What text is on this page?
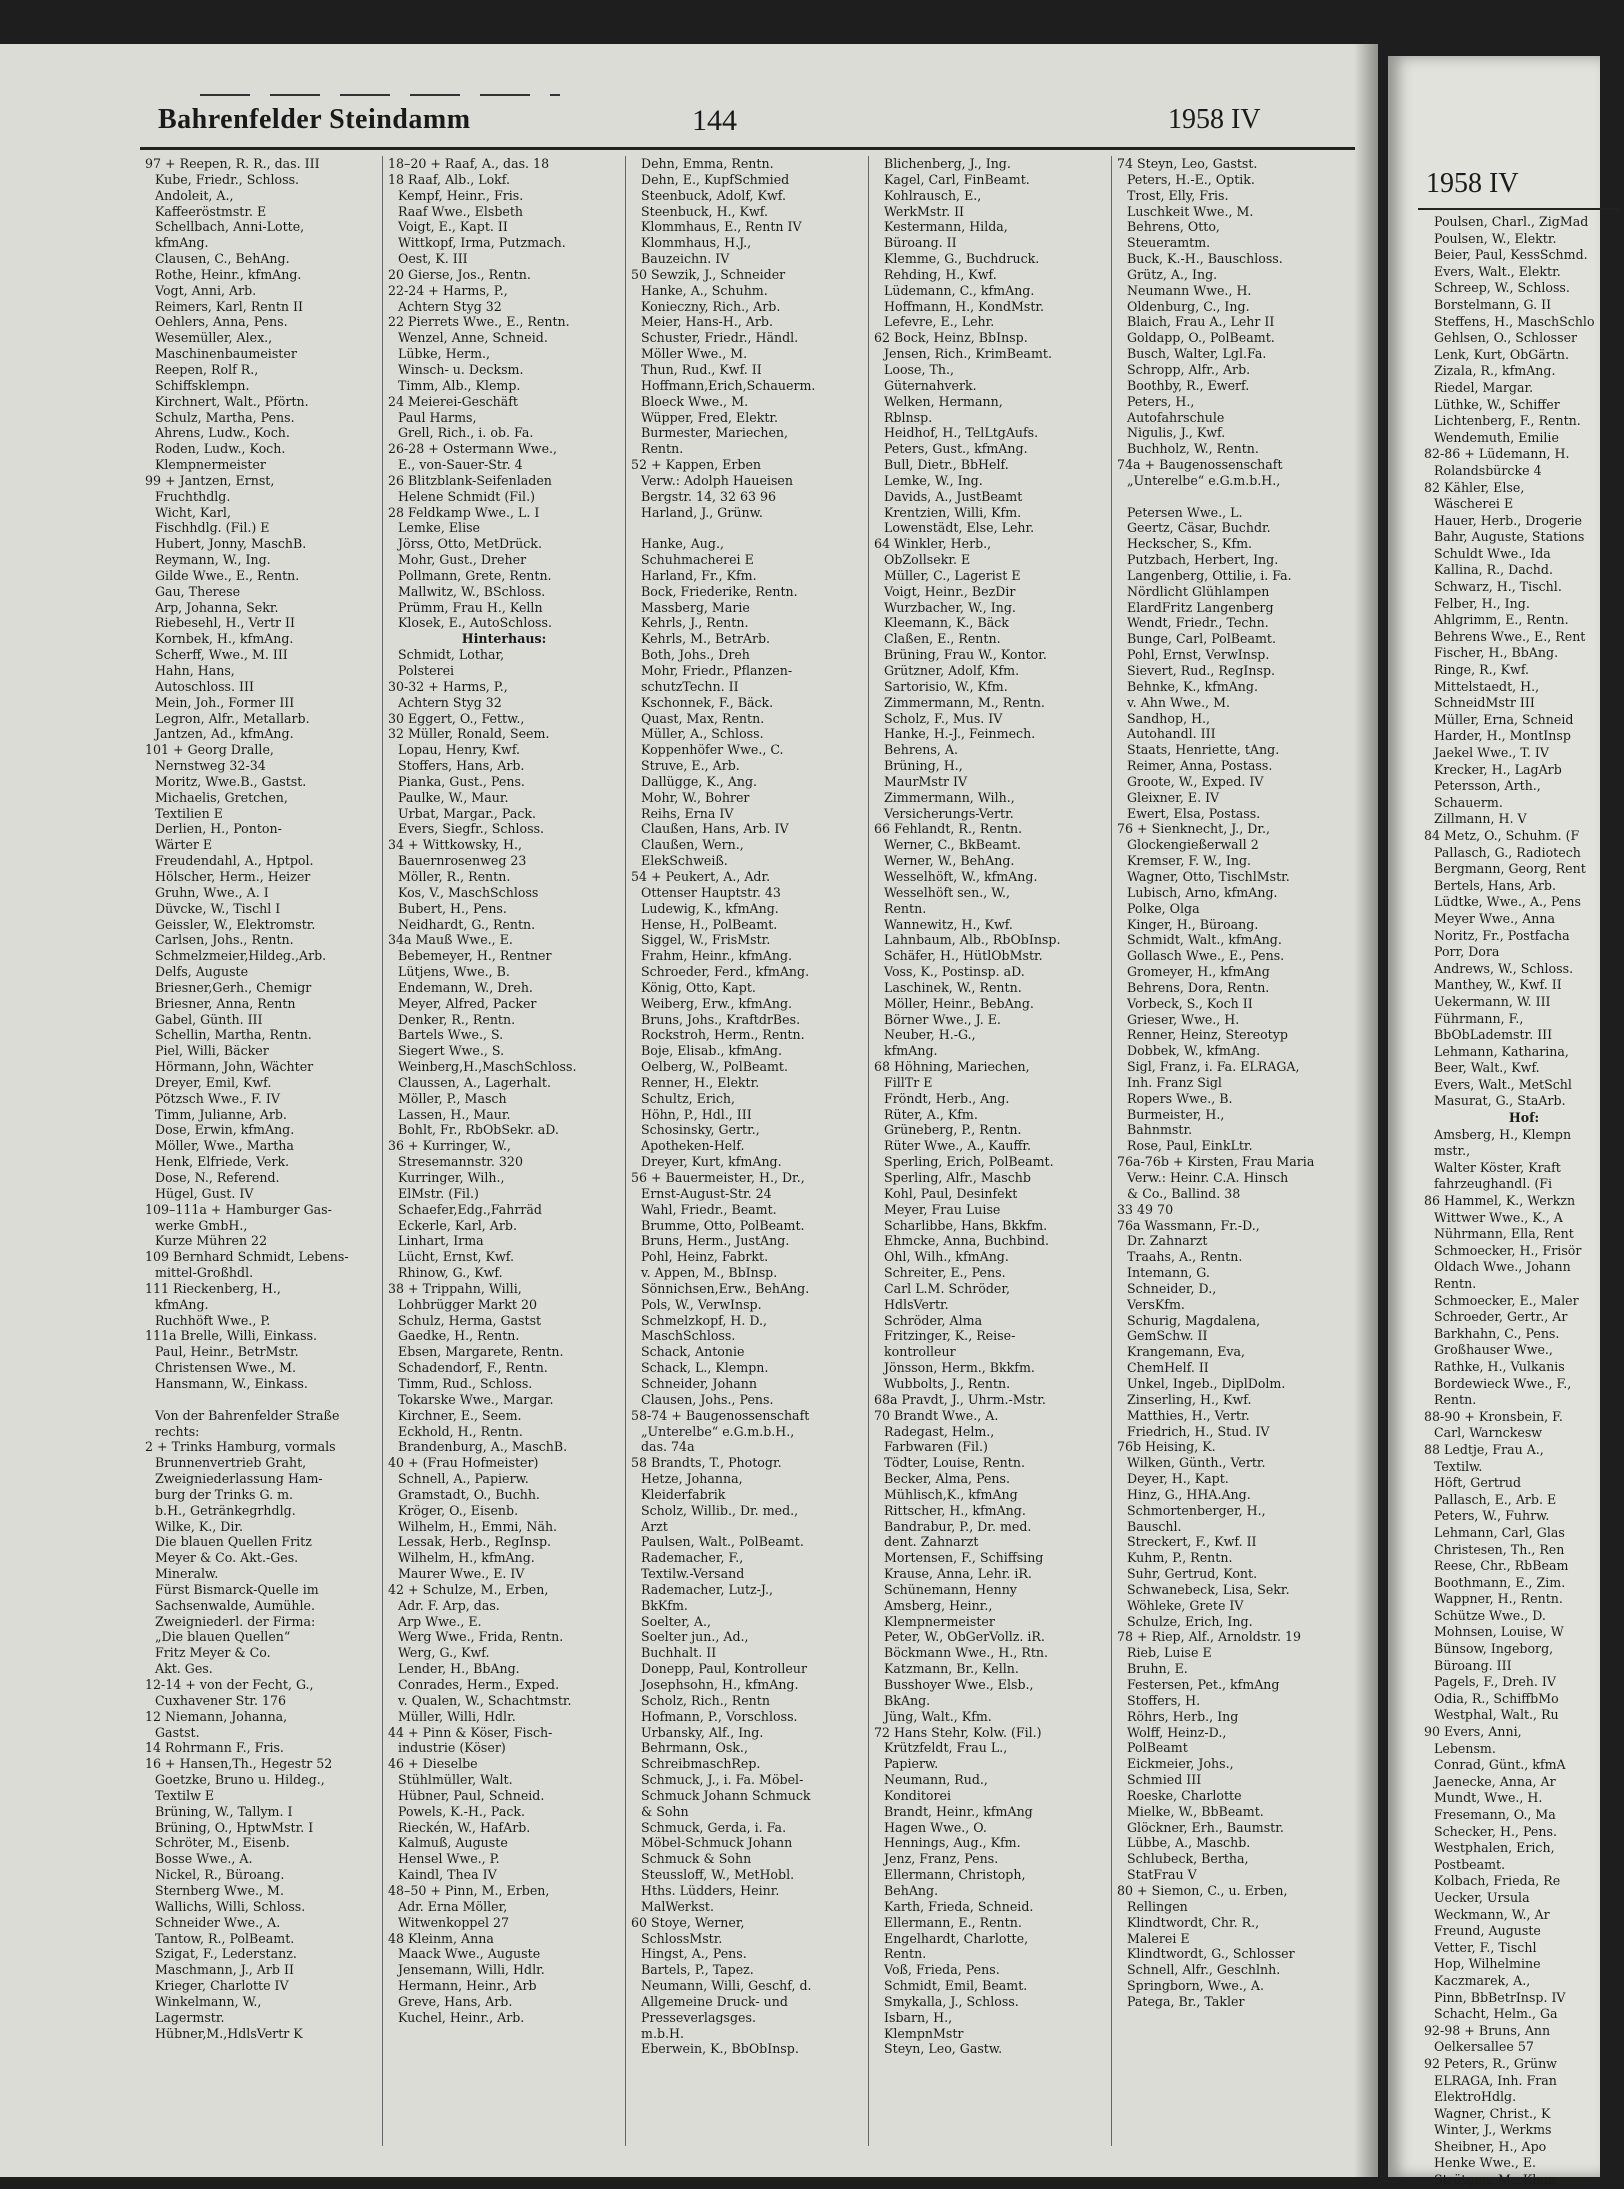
Bahrenfelder Steindamm	144	1958 IV
97 + Reepen, R. R., das. III
Kube, Friedr., Schloss.
Andoleit, A.,
Kaffeeröstmstr. E
Schellbach, Anni-Lotte,
kfmAng.
Clausen, C., BehAng.
Rothe, Heinr., kfmAng.
Vogt, Anni, Arb.
Reimers, Karl, Rentn II
Oehlers, Anna, Pens.
Wesemüller, Alex.,
Maschinenbaumeister
Reepen, Rolf R.,
Schiffsklempn.
Kirchnert, Walt., Pförtn.
Schulz, Martha, Pens.
Ahrens, Ludw., Koch.
Roden, Ludw., Koch.
Klempnermeister
99 + Jantzen, Ernst,
Fruchthdlg.
Wicht, Karl,
Fischhdlg. (Fil.) E
Hubert, Jonny, MaschB.
Reymann, W., Ing.
Gilde Wwe., E., Rentn.
Gau, Therese
Arp, Johanna, Sekr.
Riebesehl, H., Vertr II
Kornbek, H., kfmAng.
Scherff, Wwe., M. III
Hahn, Hans,
Autoschloss. III
Mein, Joh., Former III
Legron, Alfr., Metallarb.
Jantzen, Ad., kfmAng.
101 + Georg Dralle,
Nernstweg 32-34
Moritz, Wwe.B., Gastst.
Michaelis, Gretchen,
Textilien E
Derlien, H., Ponton-
Wärter E
Freudendahl, A., Hptpol.
Hölscher, Herm., Heizer
Gruhn, Wwe., A. I
Düvcke, W., Tischl I
Geissler, W., Elektromstr.
Carlsen, Johs., Rentn.
Schmelzmeier,Hildeg.,Arb.
Delfs, Auguste
Briesner,Gerh., Chemigr
Briesner, Anna, Rentn
Gabel, Günth. III
Schellin, Martha, Rentn.
Piel, Willi, Bäcker
Hörmann, John, Wächter
Dreyer, Emil, Kwf.
Pötzsch Wwe., F. IV
Timm, Julianne, Arb.
Dose, Erwin, kfmAng.
Möller, Wwe., Martha
Henk, Elfriede, Verk.
Dose, N., Referend.
Hügel, Gust. IV
109–111a + Hamburger Gas-
werke GmbH.,
Kurze Mühren 22
109 Bernhard Schmidt, Lebens-
mittel-Großhdl.
111 Rieckenberg, H.,
kfmAng.
Ruchhöft Wwe., P.
111a Brelle, Willi, Einkass.
Paul, Heinr., BetrMstr.
Christensen Wwe., M.
Hansmann, W., Einkass.
Von der Bahrenfelder Straße
rechts:
2 + Trinks Hamburg, vormals
Brunnenvertrieb Graht,
Zweigniederlassung Ham-
burg der Trinks G. m.
b.H., Getränkegrhdlg.
Wilke, K., Dir.
Die blauen Quellen Fritz
Meyer & Co. Akt.-Ges.
Mineralw.
Fürst Bismarck-Quelle im
Sachsenwalde, Aumühle.
Zweigniederl. der Firma:
„Die blauen Quellen“
Fritz Meyer & Co.
Akt. Ges.
12-14 + von der Fecht, G.,
Cuxhavener Str. 176
12 Niemann, Johanna,
Gastst.
14 Rohrmann F., Fris.
16 + Hansen,Th., Hegestr 52
Goetzke, Bruno u. Hildeg.,
Textilw E
Brüning, W., Tallym. I
Brüning, O., HptwMstr. I
Schröter, M., Eisenb.
Bosse Wwe., A.
Nickel, R., Büroang.
Sternberg Wwe., M.
Wallichs, Willi, Schloss.
Schneider Wwe., A.
Tantow, R., PolBeamt.
Szigat, F., Lederstanz.
Maschmann, J., Arb II
Krieger, Charlotte IV
Winkelmann, W.,
Lagermstr.
Hübner,M.,HdlsVertr K
18–20 + Raaf, A., das. 18
18 Raaf, Alb., Lokf.
Kempf, Heinr., Fris.
Raaf Wwe., Elsbeth
Voigt, E., Kapt. II
Wittkopf, Irma, Putzmach.
Oest, K. III
20 Gierse, Jos., Rentn.
22-24 + Harms, P.,
Achtern Styg 32
22 Pierrets Wwe., E., Rentn.
Wenzel, Anne, Schneid.
Lübke, Herm.,
Winsch- u. Decksm.
Timm, Alb., Klemp.
24 Meierei-Geschäft
Paul Harms,
Grell, Rich., i. ob. Fa.
26-28 + Ostermann Wwe.,
E., von-Sauer-Str. 4
26 Blitzblank-Seifenladen
Helene Schmidt (Fil.)
28 Feldkamp Wwe., L. I
Lemke, Elise
Jörss, Otto, MetDrück.
Mohr, Gust., Dreher
Pollmann, Grete, Rentn.
Mallwitz, W., BSchloss.
Prümm, Frau H., Kelln
Klosek, E., AutoSchloss.
Hinterhaus:
Schmidt, Lothar,
Polsterei
30-32 + Harms, P.,
Achtern Styg 32
30 Eggert, O., Fettw.,
32 Müller, Ronald, Seem.
Lopau, Henry, Kwf.
Stoffers, Hans, Arb.
Pianka, Gust., Pens.
Paulke, W., Maur.
Urbat, Margar., Pack.
Evers, Siegfr., Schloss.
34 + Wittkowsky, H.,
Bauernrosenweg 23
Möller, R., Rentn.
Kos, V., MaschSchloss
Bubert, H., Pens.
Neidhardt, G., Rentn.
34a Mauß Wwe., E.
Bebemeyer, H., Rentner
Lütjens, Wwe., B.
Endemann, W., Dreh.
Meyer, Alfred, Packer
Denker, R., Rentn.
Bartels Wwe., S.
Siegert Wwe., S.
Weinberg,H.,MaschSchloss.
Claussen, A., Lagerhalt.
Möller, P., Masch
Lassen, H., Maur.
Bohlt, Fr., RbObSekr. aD.
36 + Kurringer, W.,
Stresemannstr. 320
Kurringer, Wilh.,
ElMstr. (Fil.)
Schaefer,Edg.,Fahrräd
Eckerle, Karl, Arb.
Linhart, Irma
Lücht, Ernst, Kwf.
Rhinow, G., Kwf.
38 + Trippahn, Willi,
Lohbrügger Markt 20
Schulz, Herma, Gastst
Gaedke, H., Rentn.
Ebsen, Margarete, Rentn.
Schadendorf, F., Rentn.
Timm, Rud., Schloss.
Tokarske Wwe., Margar.
Kirchner, E., Seem.
Eckhold, H., Rentn.
Brandenburg, A., MaschB.
40 + (Frau Hofmeister)
Schnell, A., Papierw.
Gramstadt, O., Buchh.
Kröger, O., Eisenb.
Wilhelm, H., Emmi, Näh.
Lessak, Herb., RegInsp.
Wilhelm, H., kfmAng.
Maurer Wwe., E. IV
42 + Schulze, M., Erben,
Adr. F. Arp, das.
Arp Wwe., E.
Werg Wwe., Frida, Rentn.
Werg, G., Kwf.
Lender, H., BbAng.
Conrades, Herm., Exped.
v. Qualen, W., Schachtmstr.
Müller, Willi, Hdlr.
44 + Pinn & Köser, Fisch-
industrie (Köser)
46 + Dieselbe
Stühlmüller, Walt.
Hübner, Paul, Schneid.
Powels, K.-H., Pack.
Rieckén, W., HafArb.
Kalmuß, Auguste
Hensel Wwe., P.
Kaindl, Thea IV
48–50 + Pinn, M., Erben,
Adr. Erna Möller,
Witwenkoppel 27
48 Kleinm, Anna
Maack Wwe., Auguste
Jensemann, Willi, Hdlr.
Hermann, Heinr., Arb
Greve, Hans, Arb.
Kuchel, Heinr., Arb.
Dehn, Emma, Rentn.
Dehn, E., KupfSchmied
Steenbuck, Adolf, Kwf.
Steenbuck, H., Kwf.
Klommhaus, E., Rentn IV
Klommhaus, H.J.,
Bauzeichn. IV
50 Sewzik, J., Schneider
Hanke, A., Schuhm.
Konieczny, Rich., Arb.
Meier, Hans-H., Arb.
Schuster, Friedr., Händl.
Möller Wwe., M.
Thun, Rud., Kwf. II
Hoffmann,Erich,Schauerm.
Bloeck Wwe., M.
Wüpper, Fred, Elektr.
Burmester, Mariechen,
Rentn.
52 + Kappen, Erben
Verw.: Adolph Haueisen
Bergstr. 14, 32 63 96
Harland, J., Grünw.
Hanke, Aug.,
Schuhmacherei E
Harland, Fr., Kfm.
Bock, Friederike, Rentn.
Massberg, Marie
Kehrls, J., Rentn.
Kehrls, M., BetrArb.
Both, Johs., Dreh
Mohr, Friedr., Pflanzen-
schutzTechn. II
Kschonnek, F., Bäck.
Quast, Max, Rentn.
Müller, A., Schloss.
Koppenhöfer Wwe., C.
Struve, E., Arb.
Dallügge, K., Ang.
Mohr, W., Bohrer
Reihs, Erna IV
Claußen, Hans, Arb. IV
Claußen, Wern.,
ElekSchweiß.
54 + Peukert, A., Adr.
Ottenser Hauptstr. 43
Ludewig, K., kfmAng.
Hense, H., PolBeamt.
Siggel, W., FrisMstr.
Frahm, Heinr., kfmAng.
Schroeder, Ferd., kfmAng.
König, Otto, Kapt.
Weiberg, Erw., kfmAng.
Bruns, Johs., KraftdrBes.
Rockstroh, Herm., Rentn.
Boje, Elisab., kfmAng.
Oelberg, W., PolBeamt.
Renner, H., Elektr.
Schultz, Erich,
Höhn, P., Hdl., III
Schosinsky, Gertr.,
Apotheken-Helf.
Dreyer, Kurt, kfmAng.
56 + Bauermeister, H., Dr.,
Ernst-August-Str. 24
Wahl, Friedr., Beamt.
Brumme, Otto, PolBeamt.
Bruns, Herm., JustAng.
Pohl, Heinz, Fabrkt.
v. Appen, M., BbInsp.
Sönnichsen,Erw., BehAng.
Pols, W., VerwInsp.
Schmelzkopf, H. D.,
MaschSchloss.
Schack, Antonie
Schack, L., Klempn.
Schneider, Johann
Clausen, Johs., Pens.
58-74 + Baugenossenschaft
„Unterelbe“ e.G.m.b.H.,
das. 74a
58 Brandts, T., Photogr.
Hetze, Johanna,
Kleiderfabrik
Scholz, Willib., Dr. med.,
Arzt
Paulsen, Walt., PolBeamt.
Rademacher, F.,
Textilw.-Versand
Rademacher, Lutz-J.,
BkKfm.
Soelter, A.,
Soelter jun., Ad.,
Buchhalt. II
Donepp, Paul, Kontrolleur
Josephsohn, H., kfmAng.
Scholz, Rich., Rentn
Hofmann, P., Vorschloss.
Urbansky, Alf., Ing.
Behrmann, Osk.,
SchreibmaschRep.
Schmuck, J., i. Fa. Möbel-
Schmuck Johann Schmuck
& Sohn
Schmuck, Gerda, i. Fa.
Möbel-Schmuck Johann
Schmuck & Sohn
Steussloff, W., MetHobl.
Hths. Lüdders, Heinr.
MalWerkst.
60 Stoye, Werner,
SchlossMstr.
Hingst, A., Pens.
Bartels, P., Tapez.
Neumann, Willi, Geschf, d.
Allgemeine Druck- und
Presseverlagsges.
m.b.H.
Eberwein, K., BbObInsp.
Blichenberg, J., Ing.
Kagel, Carl, FinBeamt.
Kohlrausch, E.,
WerkMstr. II
Kestermann, Hilda,
Büroang. II
Klemme, G., Buchdruck.
Rehding, H., Kwf.
Lüdemann, C., kfmAng.
Hoffmann, H., KondMstr.
Lefevre, E., Lehr.
62 Bock, Heinz, BbInsp.
Jensen, Rich., KrimBeamt.
Loose, Th.,
Güternahverk.
Welken, Hermann,
Rblnsp.
Heidhof, H., TelLtgAufs.
Peters, Gust., kfmAng.
Bull, Dietr., BbHelf.
Lemke, W., Ing.
Davids, A., JustBeamt
Krentzien, Willi, Kfm.
Lowenstädt, Else, Lehr.
64 Winkler, Herb.,
ObZollsekr. E
Müller, C., Lagerist E
Voigt, Heinr., BezDir
Wurzbacher, W., Ing.
Kleemann, K., Bäck
Claßen, E., Rentn.
Brüning, Frau W., Kontor.
Grützner, Adolf, Kfm.
Sartorisio, W., Kfm.
Zimmermann, M., Rentn.
Scholz, F., Mus. IV
Hanke, H.-J., Feinmech.
Behrens, A.
Brüning, H.,
MaurMstr IV
Zimmermann, Wilh.,
Versicherungs-Vertr.
66 Fehlandt, R., Rentn.
Werner, C., BkBeamt.
Werner, W., BehAng.
Wesselhöft, W., kfmAng.
Wesselhöft sen., W.,
Rentn.
Wannewitz, H., Kwf.
Lahnbaum, Alb., RbObInsp.
Schäfer, H., HütlObMstr.
Voss, K., Postinsp. aD.
Laschinek, W., Rentn.
Möller, Heinr., BebAng.
Börner Wwe., J. E.
Neuber, H.-G.,
kfmAng.
68 Höhning, Mariechen,
FillTr E
Fröndt, Herb., Ang.
Rüter, A., Kfm.
Grüneberg, P., Rentn.
Rüter Wwe., A., Kauffr.
Sperling, Erich, PolBeamt.
Sperling, Alfr., Maschb
Kohl, Paul, Desinfekt
Meyer, Frau Luise
Scharlibbe, Hans, Bkkfm.
Ehmcke, Anna, Buchbind.
Ohl, Wilh., kfmAng.
Schreiter, E., Pens.
Carl L.M. Schröder,
HdlsVertr.
Schröder, Alma
Fritzinger, K., Reise-
kontrolleur
Jönsson, Herm., Bkkfm.
Wubbolts, J., Rentn.
68a Pravdt, J., Uhrm.-Mstr.
70 Brandt Wwe., A.
Radegast, Helm.,
Farbwaren (Fil.)
Tödter, Louise, Rentn.
Becker, Alma, Pens.
Mühlisch,K., kfmAng
Rittscher, H., kfmAng.
Bandrabur, P., Dr. med.
dent. Zahnarzt
Mortensen, F., Schiffsing
Krause, Anna, Lehr. iR.
Schünemann, Henny
Amsberg, Heinr.,
Klempnermeister
Peter, W., ObGerVollz. iR.
Böckmann Wwe., H., Rtn.
Katzmann, Br., Kelln.
Busshoyer Wwe., Elsb.,
BkAng.
Jüng, Walt., Kfm.
72 Hans Stehr, Kolw. (Fil.)
Krützfeldt, Frau L.,
Papierw.
Neumann, Rud.,
Konditorei
Brandt, Heinr., kfmAng
Hagen Wwe., O.
Hennings, Aug., Kfm.
Jenz, Franz, Pens.
Ellermann, Christoph,
BehAng.
Karth, Frieda, Schneid.
Ellermann, E., Rentn.
Engelhardt, Charlotte,
Rentn.
Voß, Frieda, Pens.
Schmidt, Emil, Beamt.
Smykalla, J., Schloss.
Isbarn, H.,
KlempnMstr
Steyn, Leo, Gastw.
74 Steyn, Leo, Gastst.
Peters, H.-E., Optik.
Trost, Elly, Fris.
Luschkeit Wwe., M.
Behrens, Otto,
Steueramtm.
Buck, K.-H., Bauschloss.
Grütz, A., Ing.
Neumann Wwe., H.
Oldenburg, C., Ing.
Blaich, Frau A., Lehr II
Goldapp, O., PolBeamt.
Busch, Walter, Lgl.Fa.
Schropp, Alfr., Arb.
Boothby, R., Ewerf.
Peters, H.,
Autofahrschule
Nigulis, J., Kwf.
Buchholz, W., Rentn.
74a + Baugenossenschaft
„Unterelbe“ e.G.m.b.H.,
Petersen Wwe., L.
Geertz, Cäsar, Buchdr.
Heckscher, S., Kfm.
Putzbach, Herbert, Ing.
Langenberg, Ottilie, i. Fa.
Nördlicht Glühlampen
ElardFritz Langenberg
Wendt, Friedr., Techn.
Bunge, Carl, PolBeamt.
Pohl, Ernst, VerwInsp.
Sievert, Rud., RegInsp.
Behnke, K., kfmAng.
v. Ahn Wwe., M.
Sandhop, H.,
Autohandl. III
Staats, Henriette, tAng.
Reimer, Anna, Postass.
Groote, W., Exped. IV
Gleixner, E. IV
Ewert, Elsa, Postass.
76 + Sienknecht, J., Dr.,
Glockengießerwall 2
Kremser, F. W., Ing.
Wagner, Otto, TischlMstr.
Lubisch, Arno, kfmAng.
Polke, Olga
Kinger, H., Büroang.
Schmidt, Walt., kfmAng.
Gollasch Wwe., E., Pens.
Gromeyer, H., kfmAng
Behrens, Dora, Rentn.
Vorbeck, S., Koch II
Grieser, Wwe., H.
Renner, Heinz, Stereotyp
Dobbek, W., kfmAng.
Sigl, Franz, i. Fa. ELRAGA,
Inh. Franz Sigl
Ropers Wwe., B.
Burmeister, H.,
Bahnmstr.
Rose, Paul, EinkLtr.
76a-76b + Kirsten, Frau Maria
Verw.: Heinr. C.A. Hinsch
& Co., Ballind. 38
33 49 70
76a Wassmann, Fr.-D.,
Dr. Zahnarzt
Traahs, A., Rentn.
Intemann, G.
Schneider, D.,
VersKfm.
Schurig, Magdalena,
GemSchw. II
Krangemann, Eva,
ChemHelf. II
Unkel, Ingeb., DiplDolm.
Zinserling, H., Kwf.
Matthies, H., Vertr.
Friedrich, H., Stud. IV
76b Heising, K.
Wilken, Günth., Vertr.
Deyer, H., Kapt.
Hinz, G., HHA.Ang.
Schmortenberger, H.,
Bauschl.
Streckert, F., Kwf. II
Kuhm, P., Rentn.
Suhr, Gertrud, Kont.
Schwanebeck, Lisa, Sekr.
Wöhleke, Grete IV
Schulze, Erich, Ing.
78 + Riep, Alf., Arnoldstr. 19
Rieb, Luise E
Bruhn, E.
Festersen, Pet., kfmAng
Stoffers, H.
Röhrs, Herb., Ing
Wolff, Heinz-D.,
PolBeamt
Eickmeier, Johs.,
Schmied III
Roeske, Charlotte
Mielke, W., BbBeamt.
Glöckner, Erh., Baumstr.
Lübbe, A., Maschb.
Schlubeck, Bertha,
StatFrau V
80 + Siemon, C., u. Erben,
Rellingen
Klindtwordt, Chr. R.,
Malerei E
Klindtwordt, G., Schlosser
Schnell, Alfr., Geschlnh.
Springborn, Wwe., A.
Patega, Br., Takler
1958 IV
Poulsen, Charl., ZigMad
Poulsen, W., Elektr.
Beier, Paul, KessSchmd.
Evers, Walt., Elektr.
Schreep, W., Schloss.
Borstelmann, G. II
Steffens, H., MaschSchlo
Gehlsen, O., Schlosser
Lenk, Kurt, ObGärtn.
Zizala, R., kfmAng.
Riedel, Margar.
Lüthke, W., Schiffer
Lichtenberg, F., Rentn.
Wendemuth, Emilie
82-86 + Lüdemann, H.
Rolandsbürcke 4
82 Kähler, Else,
Wäscherei E
Hauer, Herb., Drogerie
Bahr, Auguste, Stations
Schuldt Wwe., Ida
Kallina, R., Dachd.
Schwarz, H., Tischl.
Felber, H., Ing.
Ahlgrimm, E., Rentn.
Behrens Wwe., E., Rent
Fischer, H., BbAng.
Ringe, R., Kwf.
Mittelstaedt, H.,
SchneidMstr III
Müller, Erna, Schneid
Harder, H., MontInsp
Jaekel Wwe., T. IV
Krecker, H., LagArb
Petersson, Arth.,
Schauerm.
Zillmann, H. V
84 Metz, O., Schuhm. (F
Pallasch, G., Radiotech
Bergmann, Georg, Rent
Bertels, Hans, Arb.
Lüdtke, Wwe., A., Pens
Meyer Wwe., Anna
Noritz, Fr., Postfacha
Porr, Dora
Andrews, W., Schloss.
Manthey, W., Kwf. II
Uekermann, W. III
Führmann, F.,
BbObLademstr. III
Lehmann, Katharina,
Beer, Walt., Kwf.
Evers, Walt., MetSchl
Masurat, G., StaArb.
Hof:
Amsberg, H., Klempn
mstr.,
Walter Köster, Kraft
fahrzeughandl. (Fi
86 Hammel, K., Werkzn
Wittwer Wwe., K., A
Nührmann, Ella, Rent
Schmoecker, H., Frisör
Oldach Wwe., Johann
Rentn.
Schmoecker, E., Maler
Schroeder, Gertr., Ar
Barkhahn, C., Pens.
Großhauser Wwe.,
Rathke, H., Vulkanis
Bordewieck Wwe., F.,
Rentn.
88-90 + Kronsbein, F.
Carl, Warnckesw
88 Ledtje, Frau A.,
Textilw.
Höft, Gertrud
Pallasch, E., Arb. E
Peters, W., Fuhrw.
Lehmann, Carl, Glas
Christesen, Th., Ren
Reese, Chr., RbBeam
Boothmann, E., Zim.
Wappner, H., Rentn.
Schütze Wwe., D.
Mohnsen, Louise, W
Bünsow, Ingeborg,
Büroang. III
Pagels, F., Dreh. IV
Odia, R., SchiffbMo
Westphal, Walt., Ru
90 Evers, Anni,
Lebensm.
Conrad, Günt., kfmA
Jaenecke, Anna, Ar
Mundt, Wwe., H.
Fresemann, O., Ma
Schecker, H., Pens.
Westphalen, Erich,
Postbeamt.
Kolbach, Frieda, Re
Uecker, Ursula
Weckmann, W., Ar
Freund, Auguste
Vetter, F., Tischl
Hop, Wilhelmine
Kaczmarek, A.,
Pinn, BbBetrInsp. IV
Schacht, Helm., Ga
92-98 + Bruns, Ann
Oelkersallee 57
92 Peters, R., Grünw
ELRAGA, Inh. Fran
ElektroHdlg.
Wagner, Christ., K
Winter, J., Werkms
Sheibner, H., Apo
Henke Wwe., E.
Strötgen, M., Klem
